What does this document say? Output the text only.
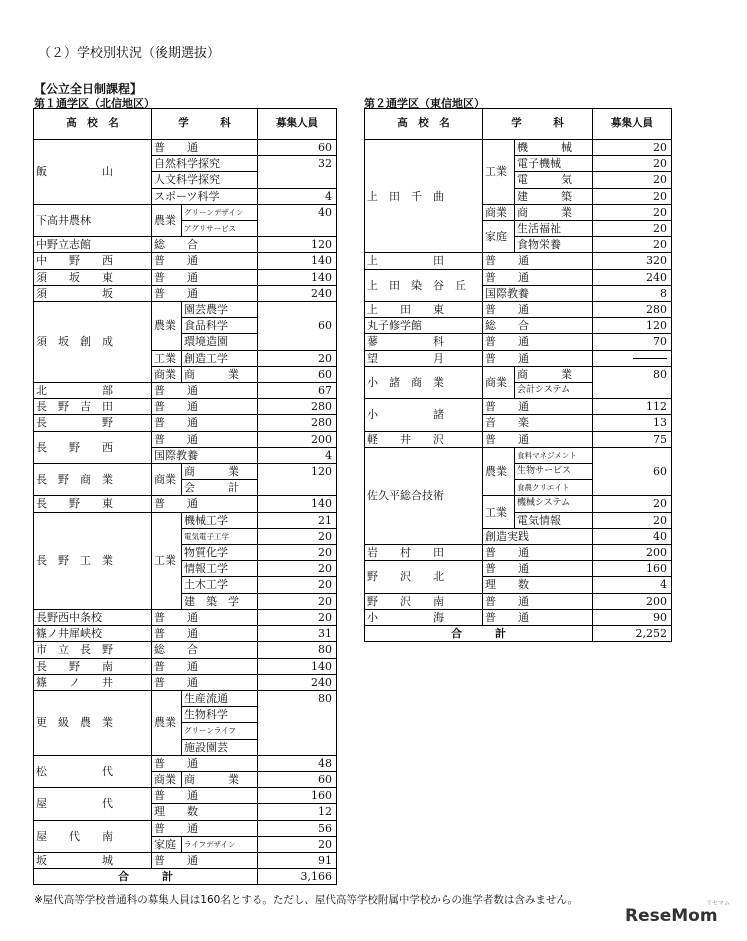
（２）学校別状況（後期選抜）
【公立全日制課程】
第１通学区（北信地区）	第２通学区（東信地区）
高　校　名	学　　　科		募集人員
飯　　　　　山	普　　通		60
	自然科学探究		32
	人文科学探究		
	スポーツ科学		4
下高井農林	農業	グリーンデザイン	40
		アグリサービス	
中野立志館	総　　合		120
中　　野　　西	普　　通		140
須　　坂　　東	普　　通		140
須　　　　　坂	普　　通		240
須　坂　創　成	農業	園芸農学	60
		食品科学	
		環境造園	
	工業	創造工学	20
	商業	商　　　業	60
北　　　　　部	普　　通		67
長　野　吉　田	普　　通		280
長　　　　　野	普　　通		280
長　　野　　西	普　　通		200
	国際教養		4
長　野　商　業	商業	商　　　業	120
		会　　　計	
長　　野　　東	普　　通		140
長　野　工　業	工業	機械工学	21
		電気電子工学	20
		物質化学	20
		情報工学	20
		土木工学	20
		建　築　学	20
長野西中条校	普　　通		20
篠ノ井犀峡校	普　　通		31
市　立　長　野	総　　合		80
長　　野　　南	普　　通		140
篠　　ノ　　井	普　　通		240
更　級　農　業	農業	生産流通	80
		生物科学	
		グリーンライフ	
		施設園芸	
松　　　　　代	普　　通		48
	商業	商　　　業	60
屋　　　　　代	普　　通		160
	理　　数		12
屋　　代　　南	普　　通		56
	家庭	ライフデザイン	20
坂　　　　　城	普　　通		91
合　　　計			3,166
高　校　名	学　　　科		募集人員
上　田　千　曲	工業	機　　　械	20
		電子機械	20
		電　　　気	20
		建　　　築	20
	商業	商　　　業	20
	家庭	生活福祉	20
		食物栄養	20
上　　　　　田	普　　通		320
上　田　染　谷　丘	普　　通		240
	国際教養		8
上　　田　　東	普　　通		280
丸子修学館	総　　合		120
蓼　　　　　科	普　　通		70
望　　　　　月	普　　通		
小　諸　商　業	商業	商　　　業	80
		会計システム	
小　　　　　諸	普　　通		112
	音　　楽		13
軽　　井　　沢	普　　通		75
佐久平総合技術	農業	食料マネジメント	60
		生物サービス	
		食農クリエイト	
	工業	機械システム	20
		電気情報	20
	創造実践		40
岩　　村　　田	普　　通		200
野　　沢　　北	普　　通		160
	理　　数		4
野　　沢　　南	普　　通		200
小　　　　　海	普　　通		90
合　　　計			2,252
※屋代高等学校普通科の募集人員は160名とする。ただし、屋代高等学校附属中学校からの進学者数は含みません。	リセマム
ReseMom
